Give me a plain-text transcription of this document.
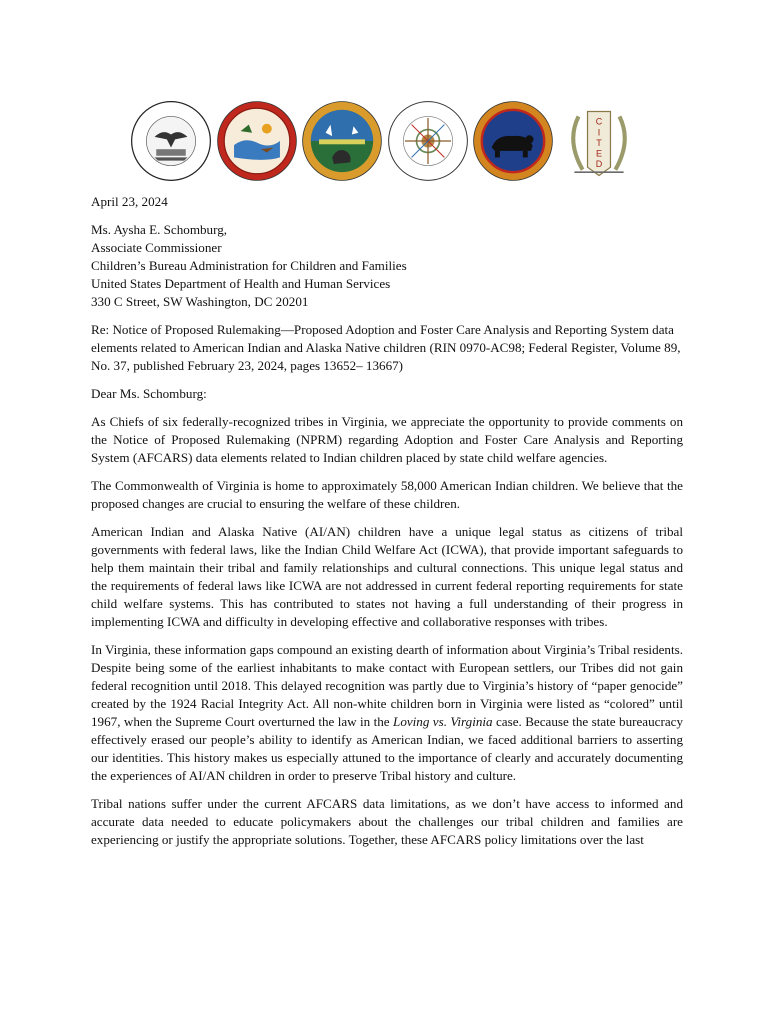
C
I
T
E
D

April 23, 2024

Ms. Aysha E. Schomburg,
Associate Commissioner
Children’s Bureau Administration for Children and Families
United States Department of Health and Human Services
330 C Street, SW Washington, DC 20201

Re: Notice of Proposed Rulemaking—Proposed Adoption and Foster Care Analysis and Reporting System data elements related to American Indian and Alaska Native children (RIN 0970-AC98; Federal Register, Volume 89, No. 37, published February 23, 2024, pages 13652– 13667)

Dear Ms. Schomburg:

As Chiefs of six federally-recognized tribes in Virginia, we appreciate the opportunity to provide comments on the Notice of Proposed Rulemaking (NPRM) regarding Adoption and Foster Care Analysis and Reporting System (AFCARS) data elements related to Indian children placed by state child welfare agencies.

The Commonwealth of Virginia is home to approximately 58,000 American Indian children. We believe that the proposed changes are crucial to ensuring the welfare of these children.

American Indian and Alaska Native (AI/AN) children have a unique legal status as citizens of tribal governments with federal laws, like the Indian Child Welfare Act (ICWA), that provide important safeguards to help them maintain their tribal and family relationships and cultural connections. This unique legal status and the requirements of federal laws like ICWA are not addressed in current federal reporting requirements for state child welfare systems. This has contributed to states not having a full understanding of their progress in implementing ICWA and difficulty in developing effective and collaborative responses with tribes.

In Virginia, these information gaps compound an existing dearth of information about Virginia’s Tribal residents. Despite being some of the earliest inhabitants to make contact with European settlers, our Tribes did not gain federal recognition until 2018. This delayed recognition was partly due to Virginia’s history of “paper genocide” created by the 1924 Racial Integrity Act. All non-white children born in Virginia were listed as “colored” until 1967, when the Supreme Court overturned the law in the Loving vs. Virginia case. Because the state bureaucracy effectively erased our people’s ability to identify as American Indian, we faced additional barriers to asserting our identities. This history makes us especially attuned to the importance of clearly and accurately documenting the experiences of AI/AN children in order to preserve Tribal history and culture.

Tribal nations suffer under the current AFCARS data limitations, as we don’t have access to informed and accurate data needed to educate policymakers about the challenges our tribal children and families are experiencing or justify the appropriate solutions. Together, these AFCARS policy limitations over the last
